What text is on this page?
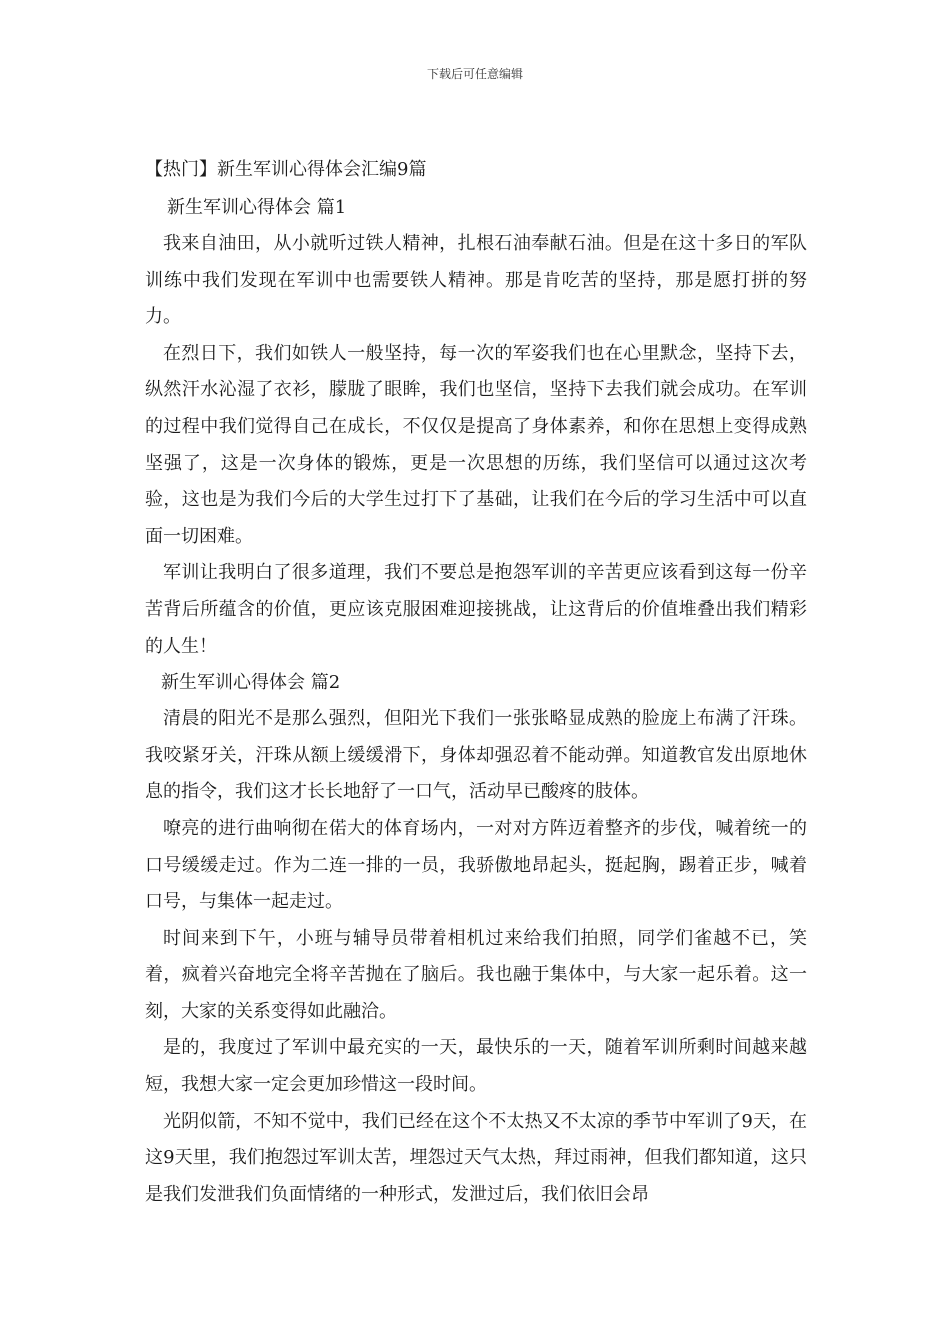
下载后可任意编辑
【热门】新生军训心得体会汇编9篇
新生军训心得体会 篇1

我来自油田，从小就听过铁人精神，扎根石油奉献石油。但是在这十多日的军队训练中我们发现在军训中也需要铁人精神。那是肯吃苦的坚持，那是愿打拼的努力。

在烈日下，我们如铁人一般坚持，每一次的军姿我们也在心里默念，坚持下去，纵然汗水沁湿了衣衫，朦胧了眼眸，我们也坚信，坚持下去我们就会成功。在军训的过程中我们觉得自己在成长，不仅仅是提高了身体素养，和你在思想上变得成熟坚强了，这是一次身体的锻炼，更是一次思想的历练，我们坚信可以通过这次考验，这也是为我们今后的大学生过打下了基础，让我们在今后的学习生活中可以直面一切困难。

军训让我明白了很多道理，我们不要总是抱怨军训的辛苦更应该看到这每一份辛苦背后所蕴含的价值，更应该克服困难迎接挑战，让这背后的价值堆叠出我们精彩的人生！

新生军训心得体会 篇2

清晨的阳光不是那么强烈，但阳光下我们一张张略显成熟的脸庞上布满了汗珠。我咬紧牙关，汗珠从额上缓缓滑下，身体却强忍着不能动弹。知道教官发出原地休息的指令，我们这才长长地舒了一口气，活动早已酸疼的肢体。

嘹亮的进行曲响彻在偌大的体育场内，一对对方阵迈着整齐的步伐，喊着统一的口号缓缓走过。作为二连一排的一员，我骄傲地昂起头，挺起胸，踢着正步，喊着口号，与集体一起走过。

时间来到下午，小班与辅导员带着相机过来给我们拍照，同学们雀越不已，笑着，疯着兴奋地完全将辛苦抛在了脑后。我也融于集体中，与大家一起乐着。这一刻，大家的关系变得如此融洽。

是的，我度过了军训中最充实的一天，最快乐的一天，随着军训所剩时间越来越短，我想大家一定会更加珍惜这一段时间。

光阴似箭，不知不觉中，我们已经在这个不太热又不太凉的季节中军训了9天，在这9天里，我们抱怨过军训太苦，埋怨过天气太热，拜过雨神，但我们都知道，这只是我们发泄我们负面情绪的一种形式，发泄过后，我们依旧会昂
